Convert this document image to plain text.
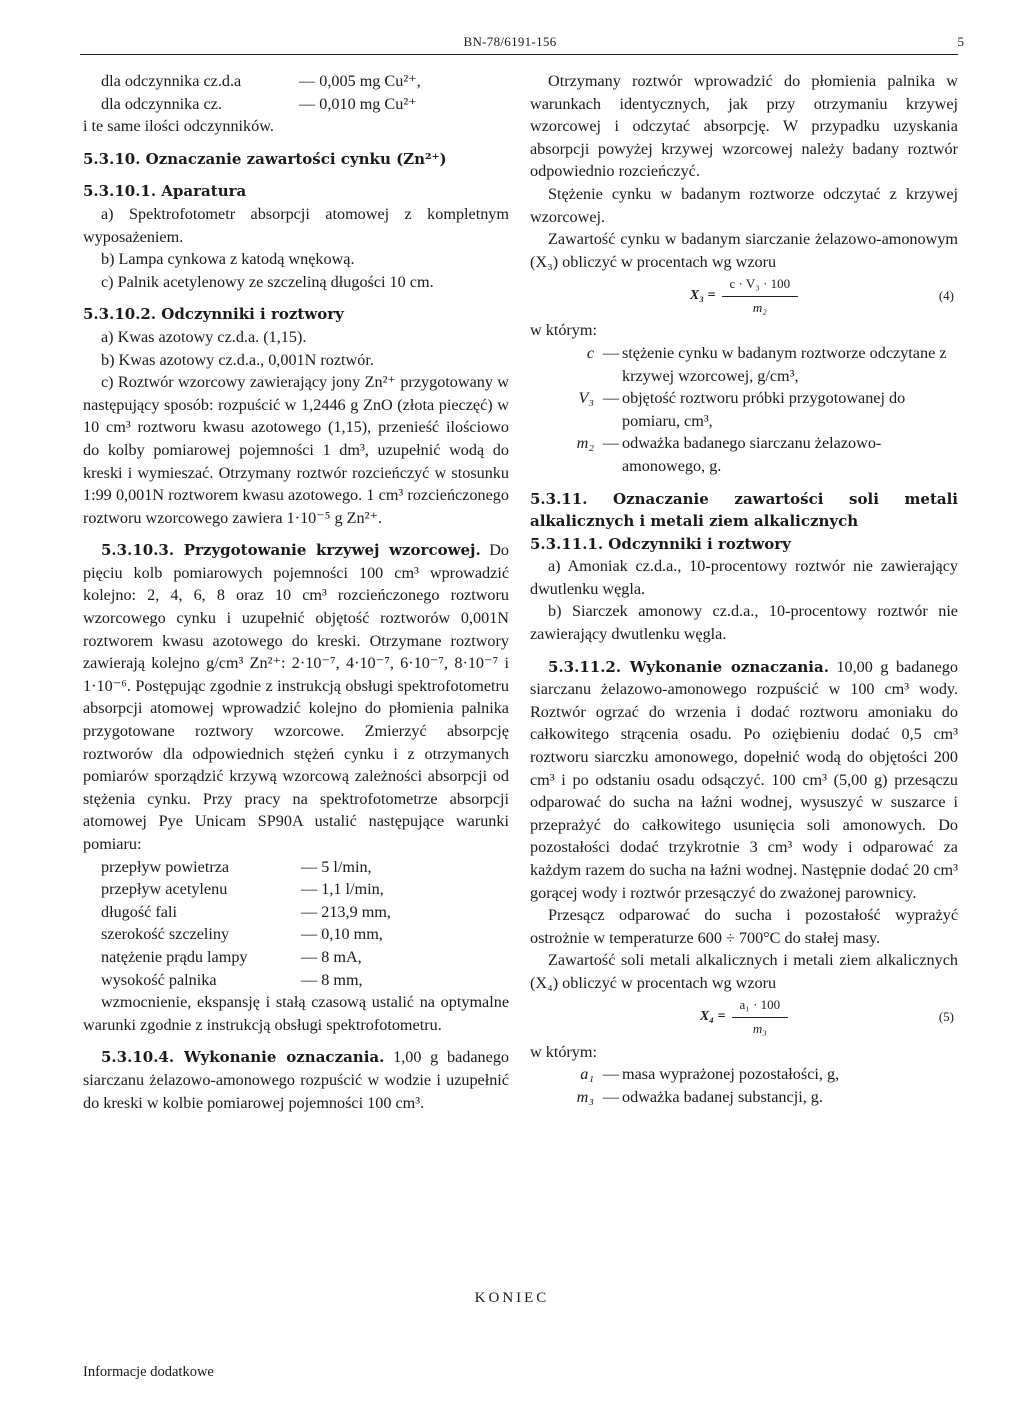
BN-78/6191-156	5
dla odczynnika cz.d.a	— 0,005 mg Cu²⁺,
dla odczynnika cz.	— 0,010 mg Cu²⁺

i te same ilości odczynników.

5.3.10. Oznaczanie zawartości cynku (Zn²⁺)

5.3.10.1. Aparatura

a) Spektrofotometr absorpcji atomowej z kompletnym wyposażeniem.

b) Lampa cynkowa z katodą wnękową.

c) Palnik acetylenowy ze szczeliną długości 10 cm.

5.3.10.2. Odczynniki i roztwory

a) Kwas azotowy cz.d.a. (1,15).

b) Kwas azotowy cz.d.a., 0,001N roztwór.

c) Roztwór wzorcowy zawierający jony Zn²⁺ przygotowany w następujący sposób: rozpuścić w 1,2446 g ZnO (złota pieczęć) w 10 cm³ roztworu kwasu azotowego (1,15), przenieść ilościowo do kolby pomiarowej pojemności 1 dm³, uzupełnić wodą do kreski i wymieszać. Otrzymany roztwór rozcieńczyć w stosunku 1:99 0,001N roztworem kwasu azotowego. 1 cm³ rozcieńczonego roztworu wzorcowego zawiera 1·10⁻⁵ g Zn²⁺.

5.3.10.3. Przygotowanie krzywej wzorcowej. Do pięciu kolb pomiarowych pojemności 100 cm³ wprowadzić kolejno: 2, 4, 6, 8 oraz 10 cm³ rozcieńczonego roztworu wzorcowego cynku i uzupełnić objętość roztworów 0,001N roztworem kwasu azotowego do kreski. Otrzymane roztwory zawierają kolejno g/cm³ Zn²⁺: 2·10⁻⁷, 4·10⁻⁷, 6·10⁻⁷, 8·10⁻⁷ i 1·10⁻⁶. Postępując zgodnie z instrukcją obsługi spektrofotometru absorpcji atomowej wprowadzić kolejno do płomienia palnika przygotowane roztwory wzorcowe. Zmierzyć absorpcję roztworów dla odpowiednich stężeń cynku i z otrzymanych pomiarów sporządzić krzywą wzorcową zależności absorpcji od stężenia cynku. Przy pracy na spektrofotometrze absorpcji atomowej Pye Unicam SP90A ustalić następujące warunki pomiaru:

przepływ powietrza	— 5 l/min,
przepływ acetylenu	— 1,1 l/min,
długość fali	— 213,9 mm,
szerokość szczeliny	— 0,10 mm,
natężenie prądu lampy	— 8 mA,
wysokość palnika	— 8 mm,

wzmocnienie, ekspansję i stałą czasową ustalić na optymalne warunki zgodnie z instrukcją obsługi spektrofotometru.

5.3.10.4. Wykonanie oznaczania. 1,00 g badanego siarczanu żelazowo-amonowego rozpuścić w wodzie i uzupełnić do kreski w kolbie pomiarowej pojemności 100 cm³.

Otrzymany roztwór wprowadzić do płomienia palnika w warunkach identycznych, jak przy otrzymaniu krzywej wzorcowej i odczytać absorpcję. W przypadku uzyskania absorpcji powyżej krzywej wzorcowej należy badany roztwór odpowiednio rozcieńczyć.

Stężenie cynku w badanym roztworze odczytać z krzywej wzorcowej.

Zawartość cynku w badanym siarczanie żelazowo-amonowym (X₃) obliczyć w procentach wg wzoru

$X_3 = \frac{\text{c · V₃ · 100}}{\text{m₂}}$	(4)

w którym:

c — stężenie cynku w badanym roztworze odczytane z krzywej wzorcowej, g/cm³,
V₃ — objętość roztworu próbki przygotowanej do pomiaru, cm³,
m₂ — odważka badanego siarczanu żelazowo-amonowego, g.

5.3.11. Oznaczanie zawartości soli metali alkalicznych i metali ziem alkalicznych

5.3.11.1. Odczynniki i roztwory

a) Amoniak cz.d.a., 10-procentowy roztwór nie zawierający dwutlenku węgla.

b) Siarczek amonowy cz.d.a., 10-procentowy roztwór nie zawierający dwutlenku węgla.

5.3.11.2. Wykonanie oznaczania. 10,00 g badanego siarczanu żelazowo-amonowego rozpuścić w 100 cm³ wody. Roztwór ogrzać do wrzenia i dodać roztworu amoniaku do całkowitego strącenia osadu. Po oziębieniu dodać 0,5 cm³ roztworu siarczku amonowego, dopełnić wodą do objętości 200 cm³ i po odstaniu osadu odsączyć. 100 cm³ (5,00 g) przesączu odparować do sucha na łaźni wodnej, wysuszyć w suszarce i przeprażyć do całkowitego usunięcia soli amonowych. Do pozostałości dodać trzykrotnie 3 cm³ wody i odparować za każdym razem do sucha na łaźni wodnej. Następnie dodać 20 cm³ gorącej wody i roztwór przesączyć do zważonej parownicy.

Przesącz odparować do sucha i pozostałość wyprażyć ostrożnie w temperaturze 600 ÷ 700°C do stałej masy.

Zawartość soli metali alkalicznych i metali ziem alkalicznych (X₄) obliczyć w procentach wg wzoru

$X_4 = \frac{\text{a₁ · 100}}{\text{m₃}}$	(5)

w którym:

a₁ — masa wyprażonej pozostałości, g,
m₃ — odważka badanej substancji, g.
KONIEC
Informacje dodatkowe
